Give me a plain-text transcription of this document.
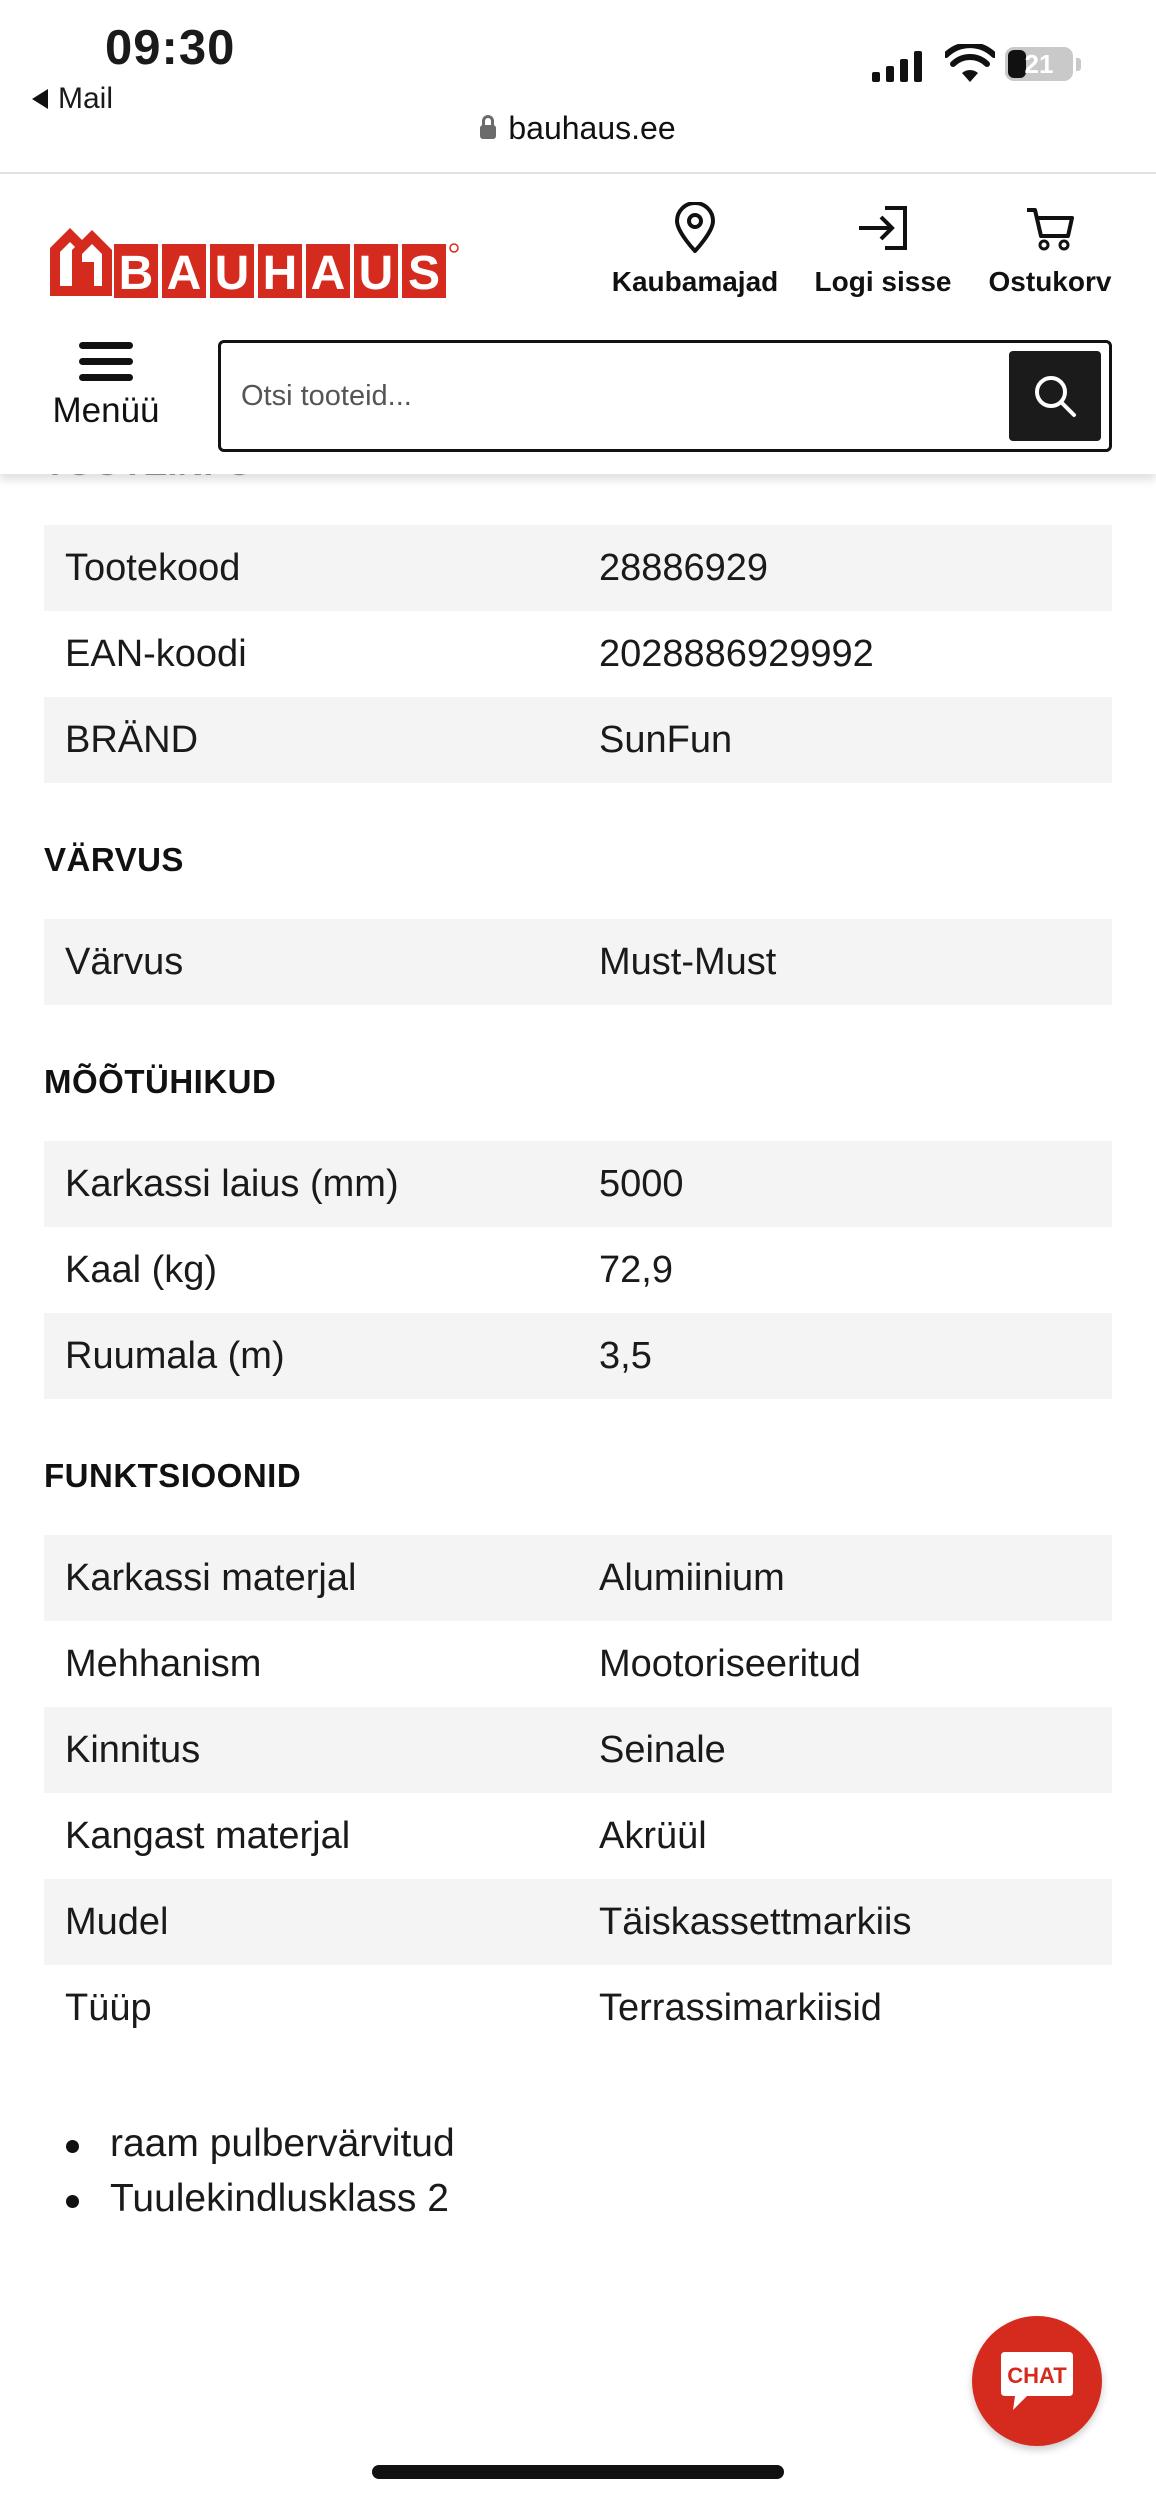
Tootekood	28886929
EAN-koodi	2028886929992
BRÄND	SunFun
VÄRVUS
Värvus	Must-Must
MÕÕTÜHIKUD
Karkassi laius (mm)	5000
Kaal (kg)	72,9
Ruumala (m)	3,5
FUNKTSIOONID
Karkassi materjal	Alumiinium
Mehhanism	Mootoriseeritud
Kinnitus	Seinale
Kangast materjal	Akrüül
Mudel	Täiskassettmarkiis
Tüüp	Terrassimarkiisid
raam pulbervärvitud
Tuulekindlusklass 2
09:30
Mail
21
bauhaus.ee
B A U H A U S	Kaubamajad	Logi sisse	Ostukorv
Menüü
Otsi tooteid...
CHAT
